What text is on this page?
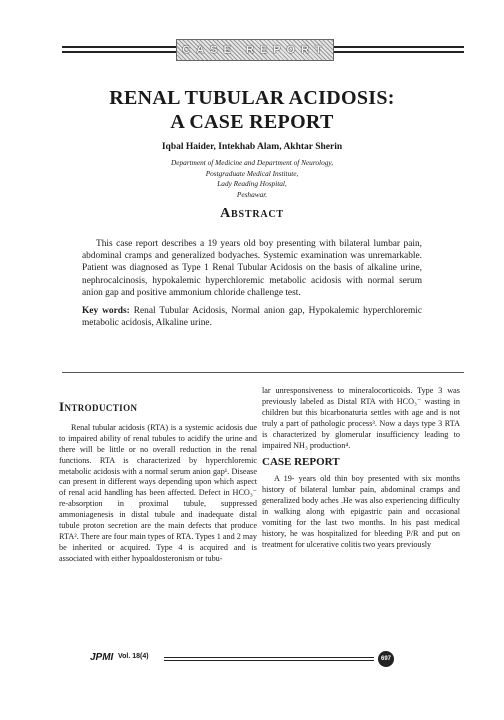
CASE REPORT
RENAL TUBULAR ACIDOSIS:
A CASE REPORT
Iqbal Haider, Intekhab Alam, Akhtar Sherin
Department of Medicine and Department of Neurology,
Postgraduate Medical Institute,
Lady Reading Hospital,
Peshawar.
Abstract

This case report describes a 19 years old boy presenting with bilateral lumbar pain, abdominal cramps and generalized bodyaches. Systemic examination was unremarkable. Patient was diagnosed as Type 1 Renal Tubular Acidosis on the basis of alkaline urine, nephrocalcinosis, hypokalemic hyperchloremic metabolic acidosis with normal serum anion gap and positive ammonium chloride challenge test.

Key words: Renal Tubular Acidosis, Normal anion gap, Hypokalemic hyperchloremic metabolic acidosis, Alkaline urine.

Introduction

Renal tubular acidosis (RTA) is a systemic acidosis due to impaired ability of renal tubules to acidify the urine and there will be little or no overall reduction in the renal functions. RTA is characterized by hyperchloremic metabolic acidosis with a normal serum anion gap¹. Disease can present in different ways depending upon which aspect of renal acid handling has been affected. Defect in HCO₃⁻ re-absorption in proximal tubule, suppressed ammoniagenesis in distal tubule and inadequate distal tubule proton secretion are the main defects that produce RTA². There are four main types of RTA. Types 1 and 2 may be inherited or acquired. Type 4 is acquired and is associated with either hypoaldosteronism or tubu-

lar unresponsiveness to mineralocorticoids. Type 3 was previously labeled as Distal RTA with HCO₃⁻ wasting in children but this bicarbonaturia settles with age and is not truly a part of pathologic process³. Now a days type 3 RTA is characterized by glomerular insufficiency leading to impaired NH₃ production⁴.

CASE REPORT

A 19- years old thin boy presented with six months history of bilateral lumbar pain, abdominal cramps and generalized body aches .He was also experiencing difficulty in walking along with epigastric pain and occasional vomiting for the last two months. In his past medical history, he was hospitalized for bleeding P/R and put on treatment for ulcerative colitis two years previously

JPMI Vol. 18(4)	697
